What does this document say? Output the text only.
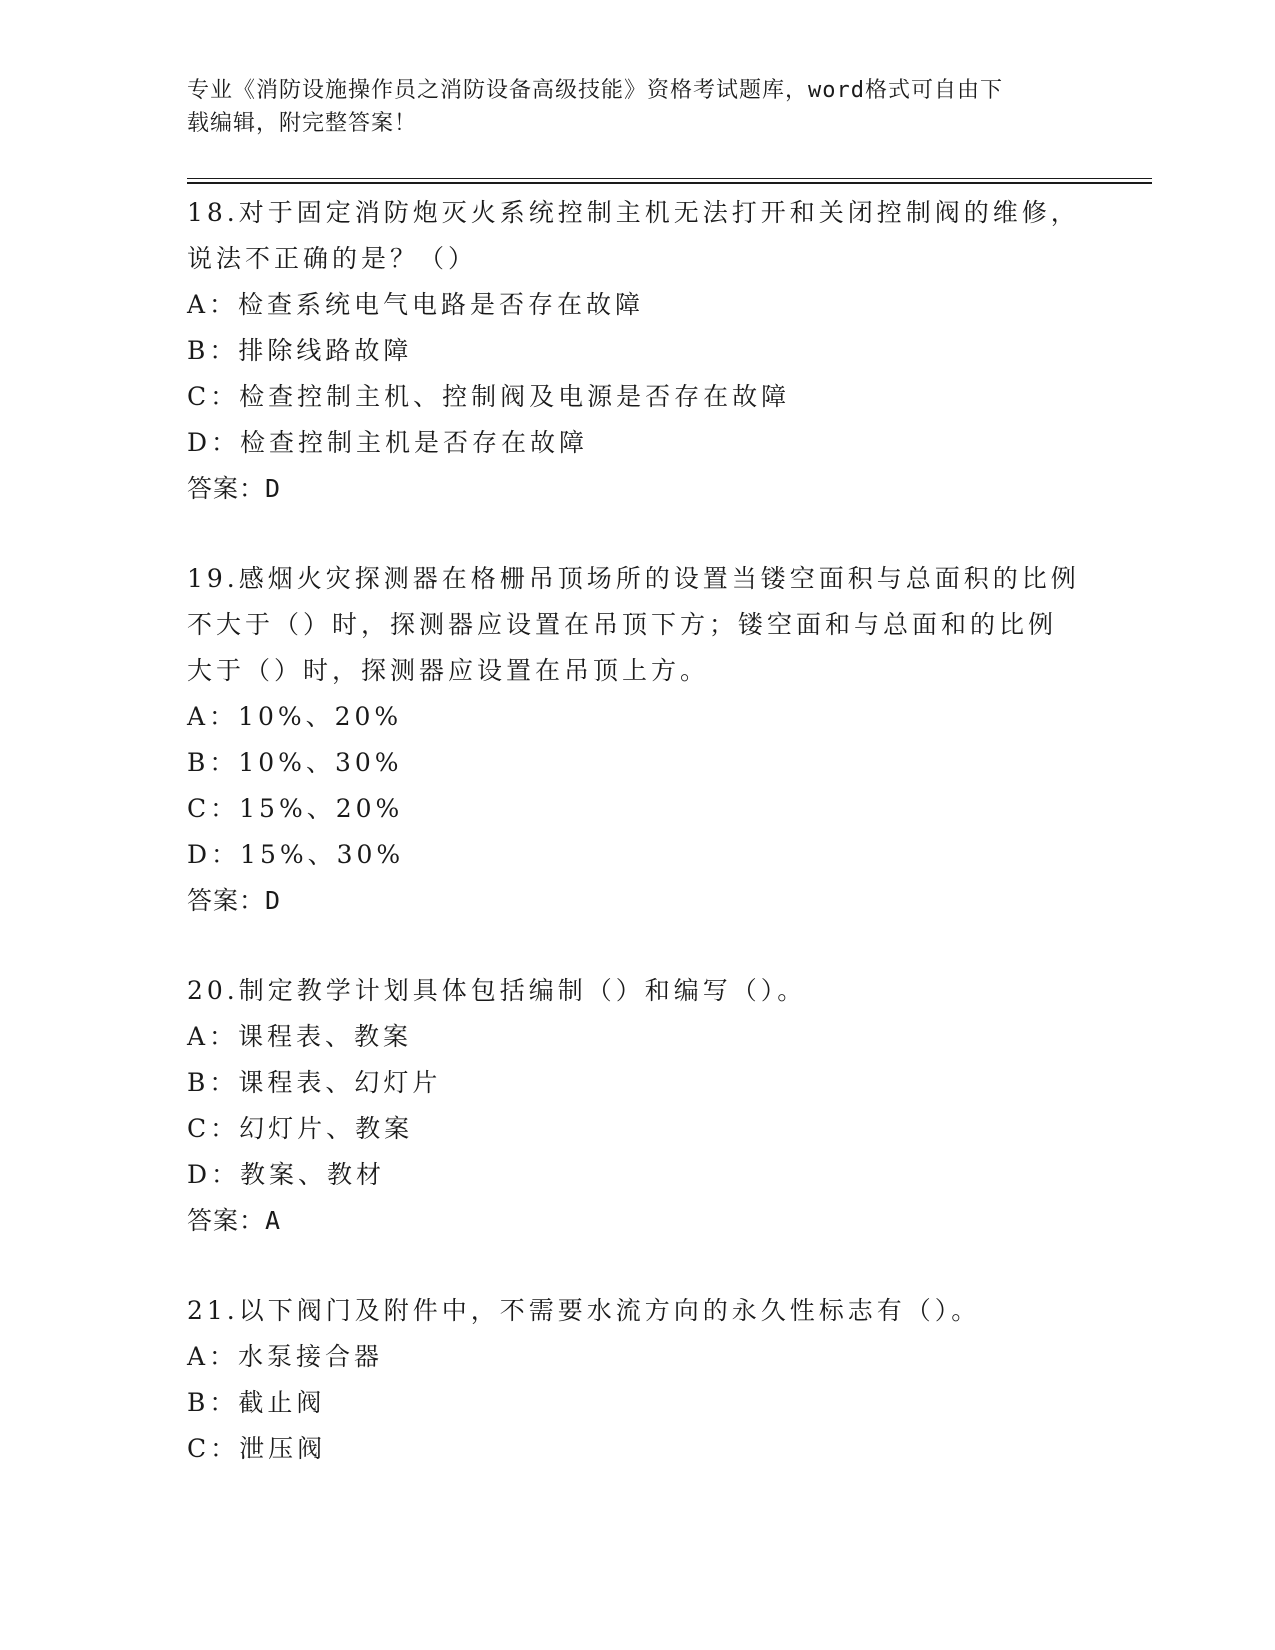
专业《消防设施操作员之消防设备高级技能》资格考试题库，word格式可自由下
载编辑，附完整答案！

18.对于固定消防炮灭火系统控制主机无法打开和关闭控制阀的维修，

说法不正确的是？（）

A：检查系统电气电路是否存在故障

B：排除线路故障

C：检查控制主机、控制阀及电源是否存在故障

D：检查控制主机是否存在故障

答案：D

19.感烟火灾探测器在格栅吊顶场所的设置当镂空面积与总面积的比例

不大于（）时，探测器应设置在吊顶下方；镂空面和与总面和的比例

大于（）时，探测器应设置在吊顶上方。

A：10%、20%

B：10%、30%

C：15%、20%

D：15%、30%

答案：D

20.制定教学计划具体包括编制（）和编写（）。

A：课程表、教案

B：课程表、幻灯片

C：幻灯片、教案

D：教案、教材

答案：A

21.以下阀门及附件中，不需要水流方向的永久性标志有（）。

A：水泵接合器

B：截止阀

C：泄压阀
